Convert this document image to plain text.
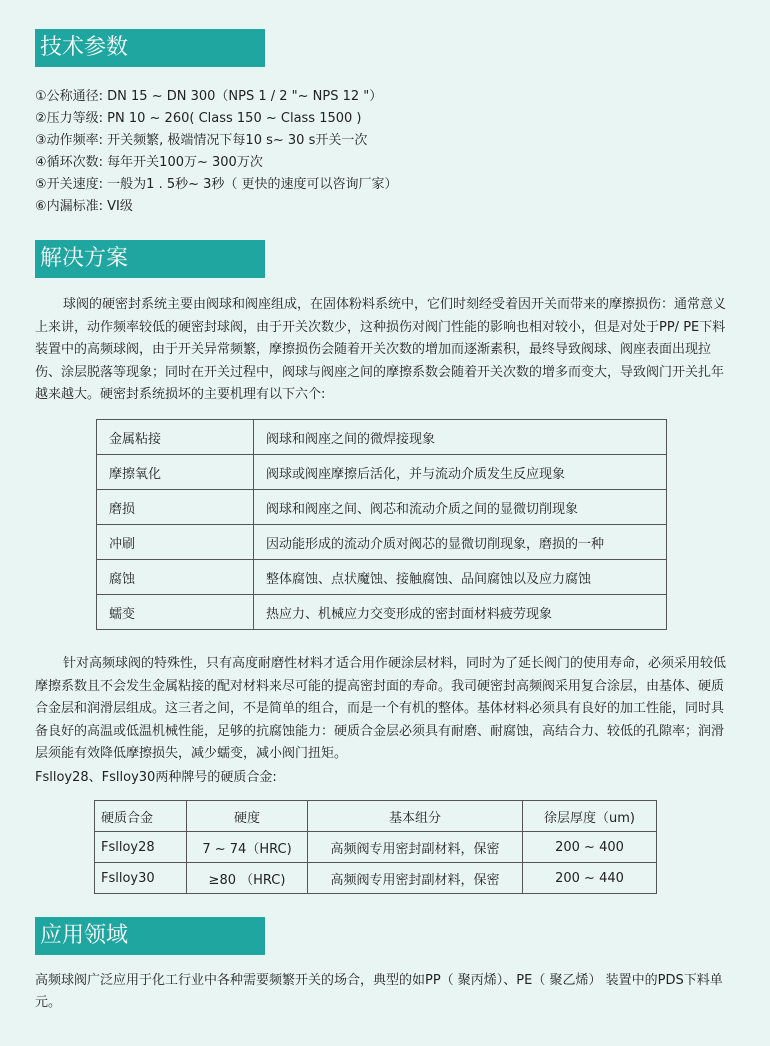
技术参数
①公称通径: DN 15 ~ DN 300（NPS 1 / 2 "~ NPS 12 "）
②压力等级: PN 10 ~ 260( Class 150 ~ Class 1500 )
③动作频率: 开关频繁, 极端情况下每10 s~ 30 s开关一次
④循环次数: 每年开关100万~ 300万次
⑤开关速度: 一般为1 . 5秒~ 3秒（ 更快的速度可以咨询厂家）
⑥内漏标准: VI级
解决方案

球阀的硬密封系统主要由阀球和阀座组成，在固体粉料系统中，它们时刻经受着因开关而带来的摩擦损伤：通常意义上来讲，动作频率较低的硬密封球阀，由于开关次数少，这种损伤对阀门性能的影响也相对较小，但是对处于PP/ PE下料装置中的高频球阀，由于开关异常频繁，摩擦损伤会随着开关次数的增加而逐渐素积，最终导致阀球、阀座表面出现拉伤、涂层脱落等现象；同时在开关过程中，阀球与阀座之间的摩擦系数会随着开关次数的增多而变大，导致阀门开关扎年越来越大。硬密封系统损坏的主要机理有以下六个:

金属粘接	阀球和阀座之间的微焊接现象
摩擦氧化	阀球或阀座摩擦后活化，并与流动介质发生反应现象
磨损	阀球和阀座之间、阀芯和流动介质之间的显微切削现象
冲刷	因动能形成的流动介质对阀芯的显微切削现象，磨损的一种
腐蚀	整体腐蚀、点状魔蚀、接触腐蚀、品间腐蚀以及应力腐蚀
蠕变	热应力、机械应力交变形成的密封面材料疲劳现象

针对高频球阀的特殊性，只有高度耐磨性材料才适合用作硬涂层材料，同时为了延长阀门的使用寿命，必须采用较低摩擦系数且不会发生金属粘接的配对材料来尽可能的提高密封面的寿命。我司硬密封高频阀采用复合涂层，由基体、硬质合金层和润滑层组成。这三者之间，不是简单的组合，而是一个有机的整体。基体材料必须具有良好的加工性能，同时具备良好的高温或低温机械性能，足够的抗腐蚀能力：硬质合金层必须具有耐磨、耐腐蚀，高结合力、较低的孔隙率；润滑层须能有效降低摩擦损失，减少蠕变，减小阀门扭矩。

Fslloy28、Fslloy30两种牌号的硬质合金:
硬质合金	硬度	基本组分	徐层厚度（um)
Fslloy28	7 ~ 74（HRC)	高频阀专用密封副材料，保密	200 ~ 400
Fslloy30	≥80 （HRC)	高频阀专用密封副材料，保密	200 ~ 440
应用领域
高频球阀广泛应用于化工行业中各种需要频繁开关的场合，典型的如PP（ 聚丙烯）、PE（ 聚乙烯） 装置中的PDS下料单元。
